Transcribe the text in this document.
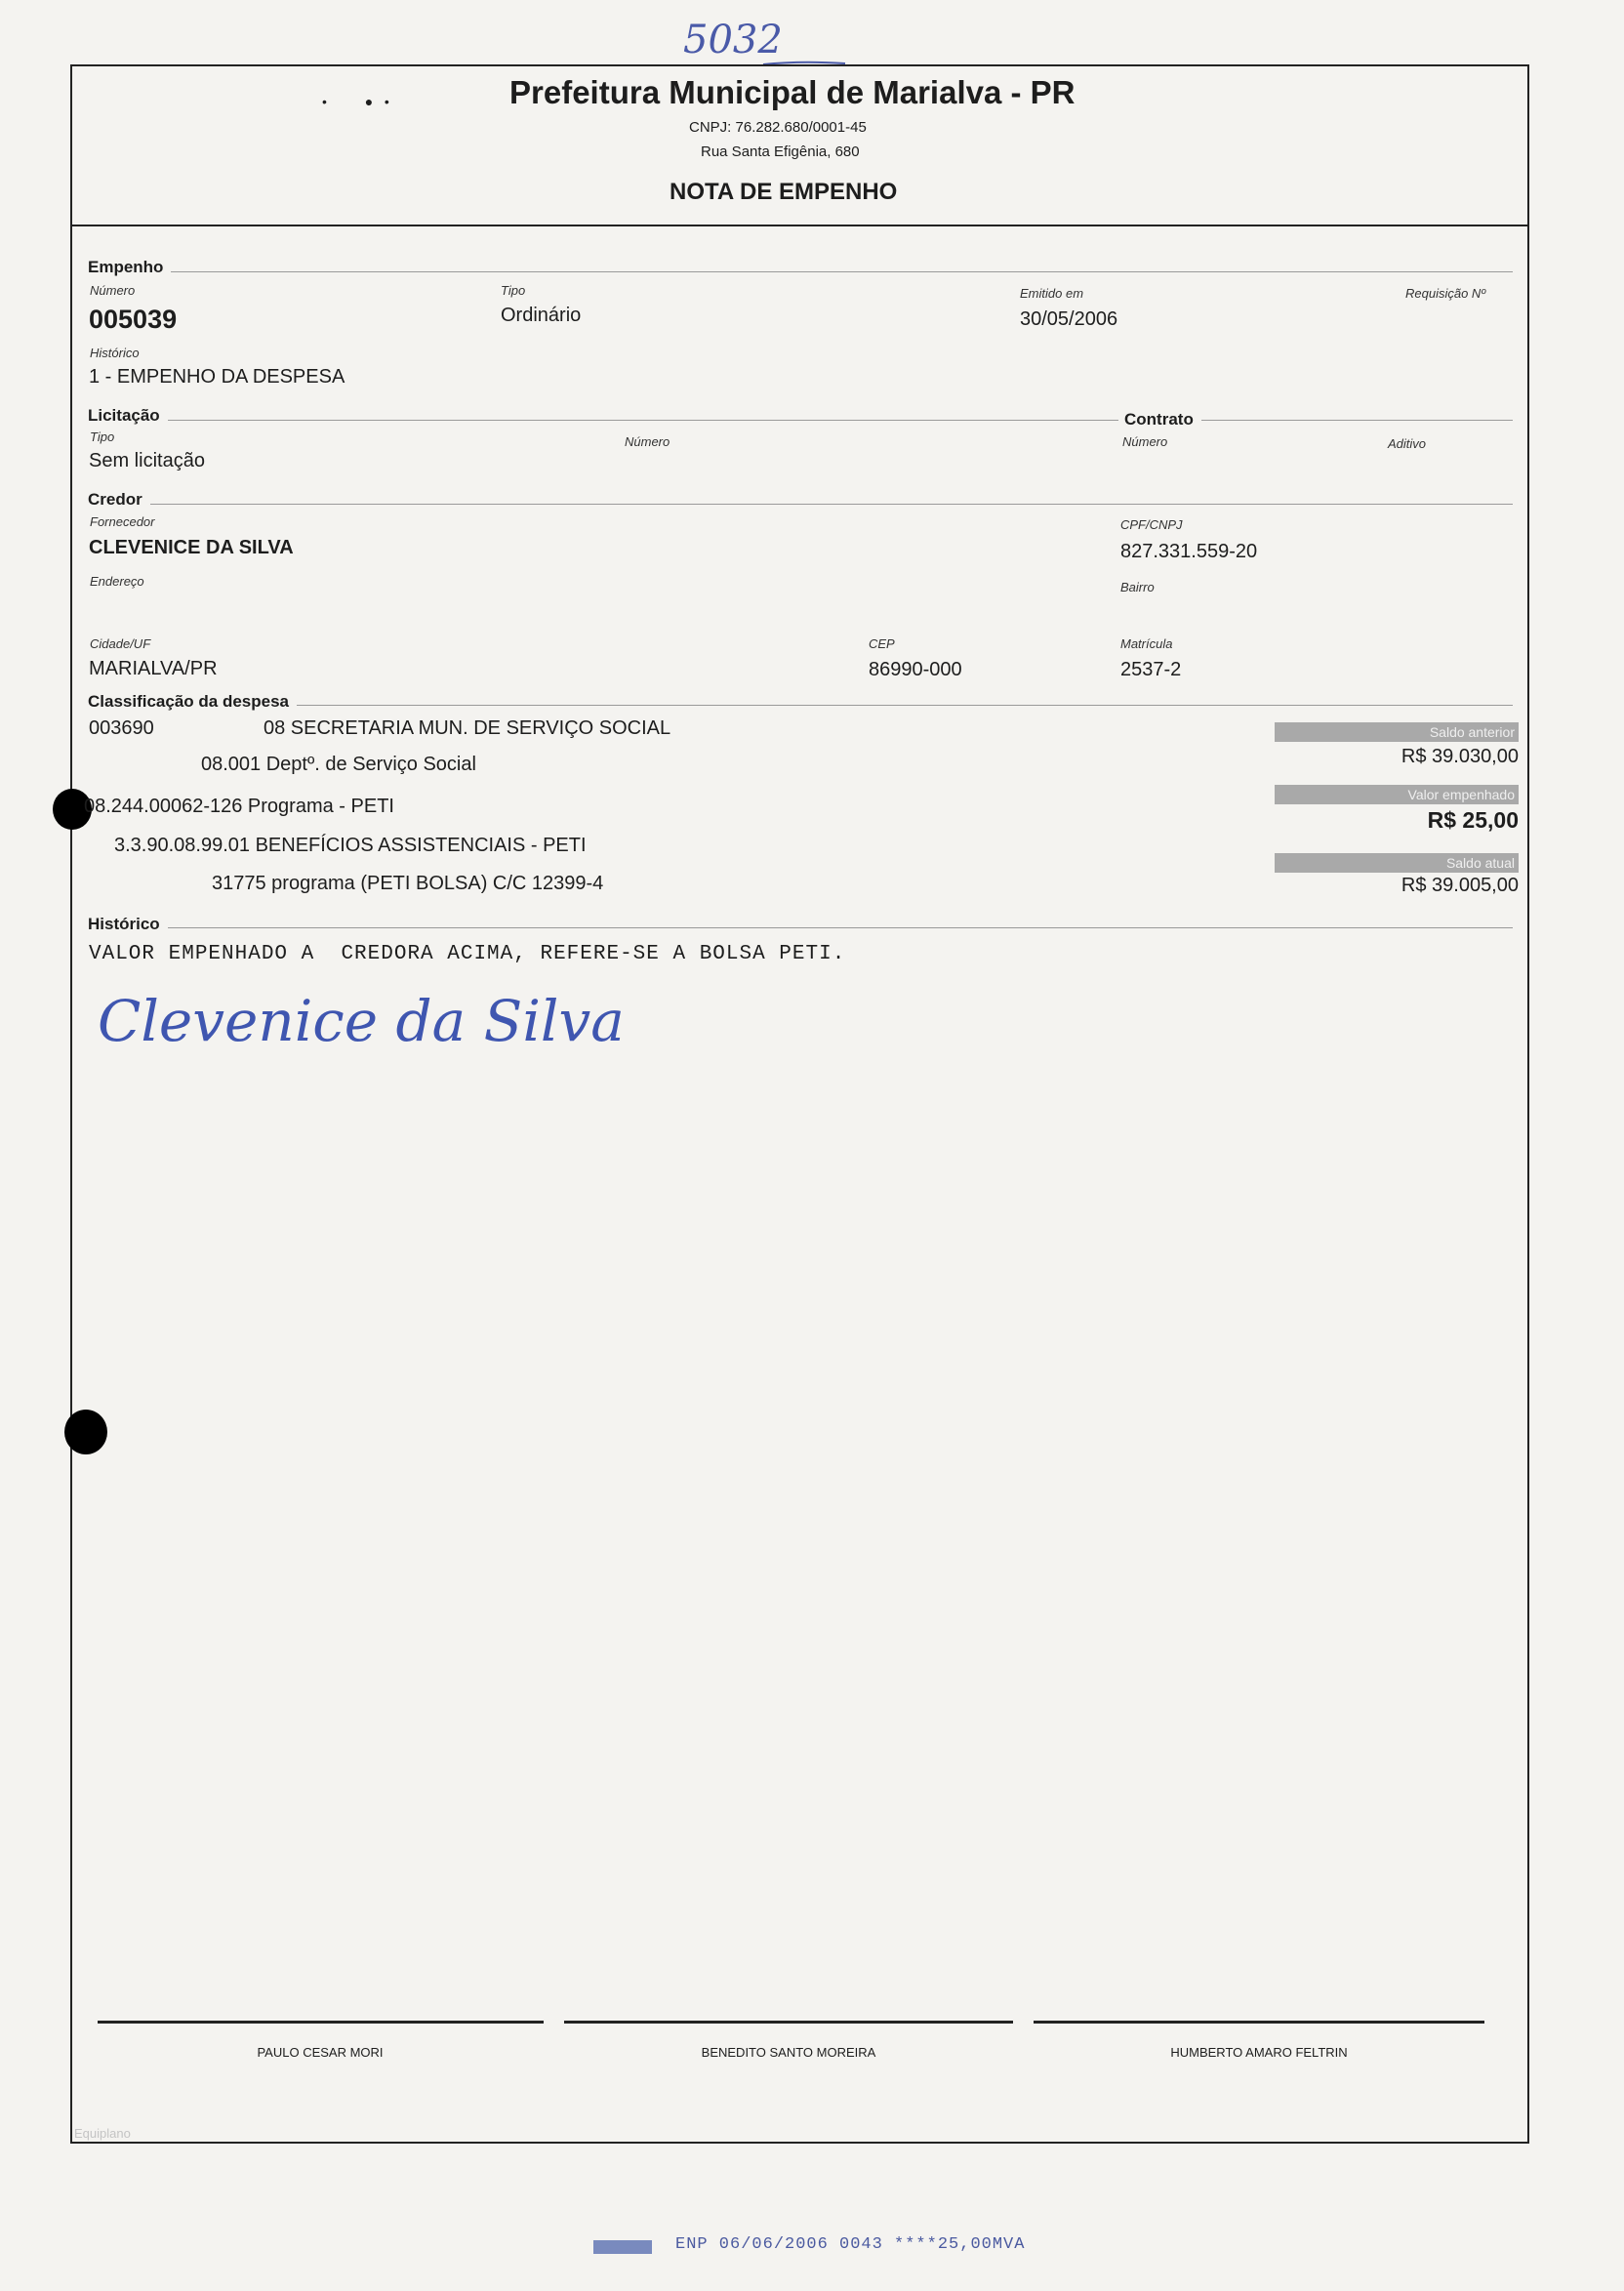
5032
•          ●   •	Prefeitura Municipal de Marialva - PR
CNPJ: 76.282.680/0001-45
Rua Santa Efigênia, 680
NOTA DE EMPENHO
Empenho
Número
005039
Tipo
Ordinário
Emitido em
30/05/2006
Requisição Nº
Histórico
1 - EMPENHO DA DESPESA
Licitação	Contrato
Tipo
Sem licitação
Número	Número	Aditivo
Credor
Fornecedor
CLEVENICE DA SILVA
CPF/CNPJ
827.331.559-20
Endereço	Bairro
Cidade/UF
MARIALVA/PR
CEP
86990-000
Matrícula
2537-2
Classificação da despesa
003690	08 SECRETARIA MUN. DE SERVIÇO SOCIAL
08.001 Deptº. de Serviço Social
08.244.00062-126 Programa - PETI
3.3.90.08.99.01 BENEFÍCIOS ASSISTENCIAIS - PETI
31775 programa (PETI BOLSA) C/C 12399-4
Saldo anterior
R$ 39.030,00
Valor empenhado
R$ 25,00
Saldo atual
R$ 39.005,00
Histórico
VALOR EMPENHADO A  CREDORA ACIMA, REFERE-SE A BOLSA PETI.
Clevenice da Silva
PAULO CESAR MORI	BENEDITO SANTO MOREIRA	HUMBERTO AMARO FELTRIN
Equiplano
ENP 06/06/2006 0043 ****25,00MVA
